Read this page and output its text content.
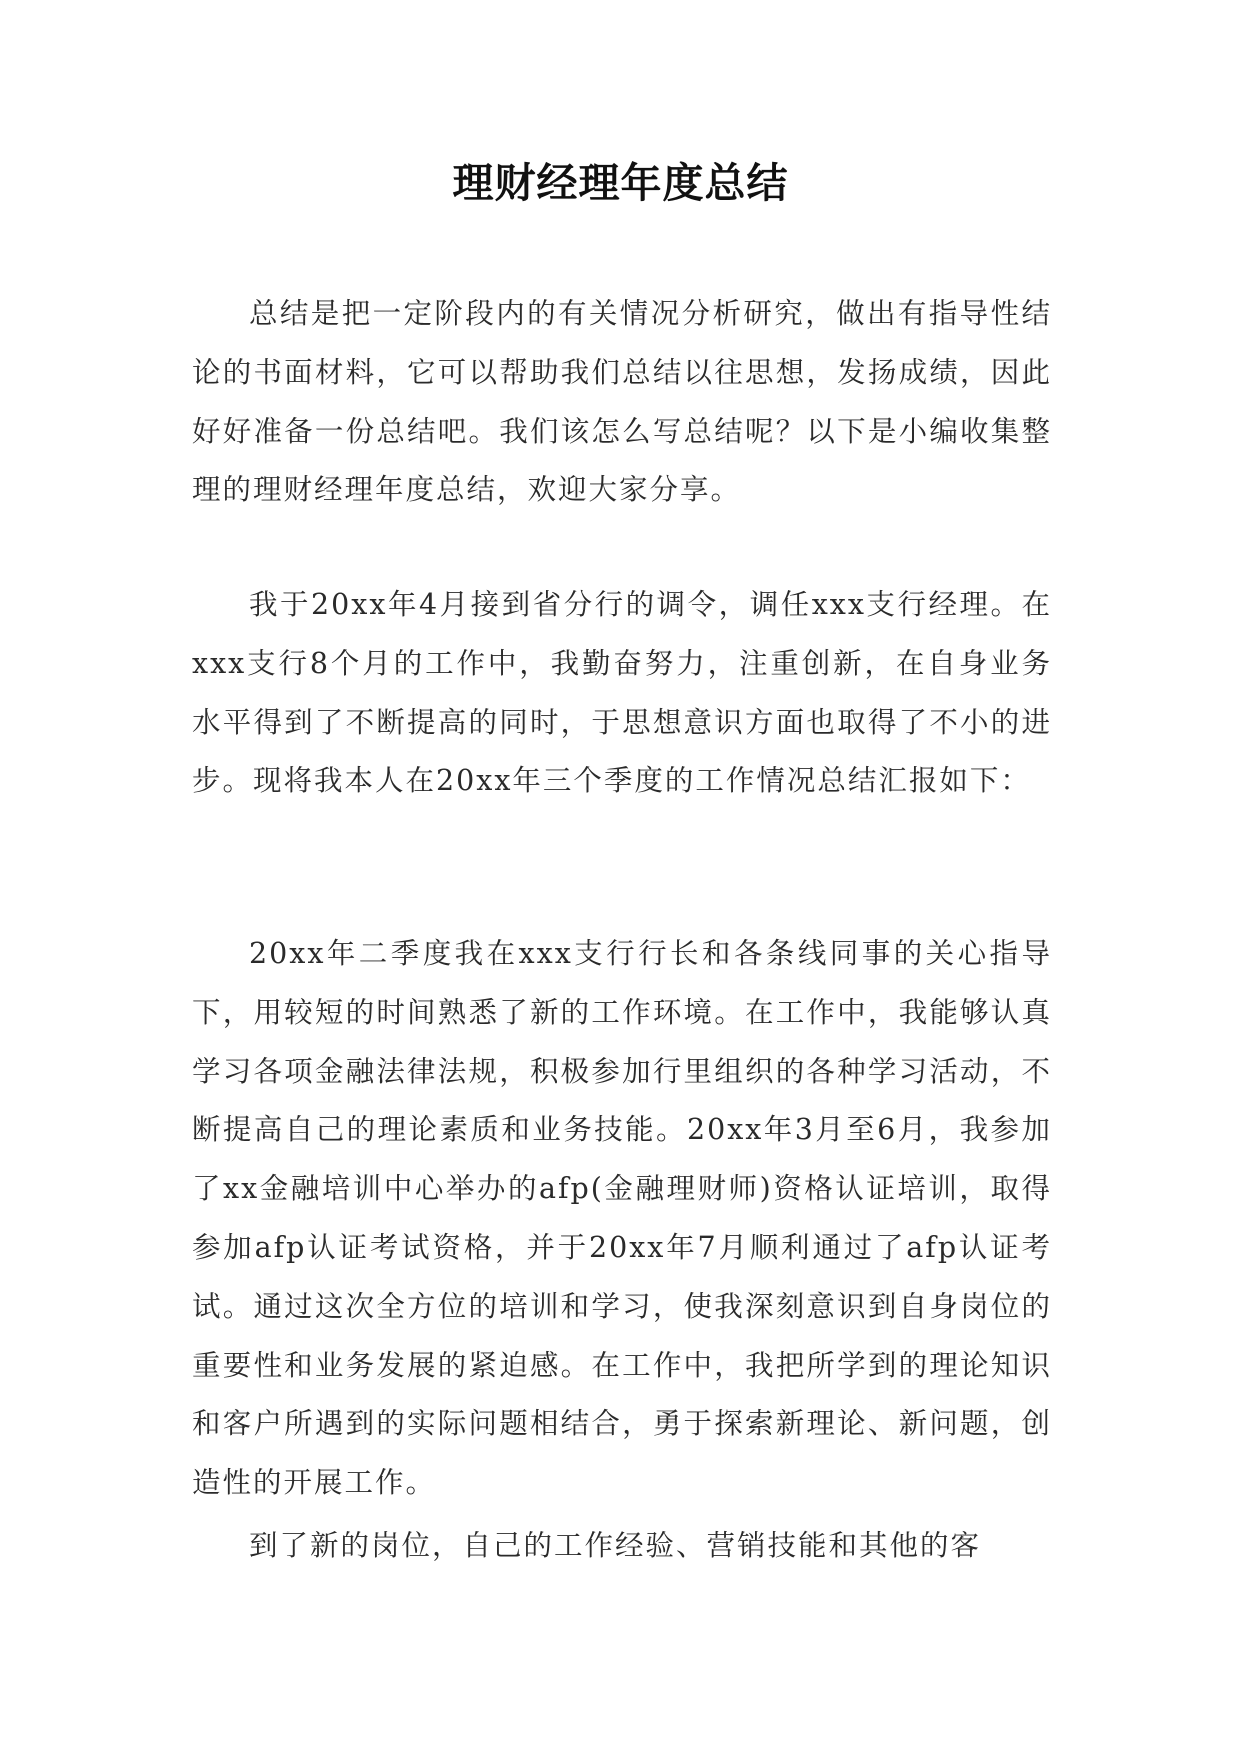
理财经理年度总结

总结是把一定阶段内的有关情况分析研究，做出有指导性结论的书面材料，它可以帮助我们总结以往思想，发扬成绩，因此好好准备一份总结吧。我们该怎么写总结呢？以下是小编收集整理的理财经理年度总结，欢迎大家分享。

我于20xx年4月接到省分行的调令，调任xxx支行经理。在xxx支行8个月的工作中，我勤奋努力，注重创新，在自身业务水平得到了不断提高的同时，于思想意识方面也取得了不小的进步。现将我本人在20xx年三个季度的工作情况总结汇报如下：

20xx年二季度我在xxx支行行长和各条线同事的关心指导下，用较短的时间熟悉了新的工作环境。在工作中，我能够认真学习各项金融法律法规，积极参加行里组织的各种学习活动，不断提高自己的理论素质和业务技能。20xx年3月至6月，我参加了xx金融培训中心举办的afp(金融理财师)资格认证培训，取得参加afp认证考试资格，并于20xx年7月顺利通过了afp认证考试。通过这次全方位的培训和学习，使我深刻意识到自身岗位的重要性和业务发展的紧迫感。在工作中，我把所学到的理论知识和客户所遇到的实际问题相结合，勇于探索新理论、新问题，创造性的开展工作。

到了新的岗位，自己的工作经验、营销技能和其他的客
